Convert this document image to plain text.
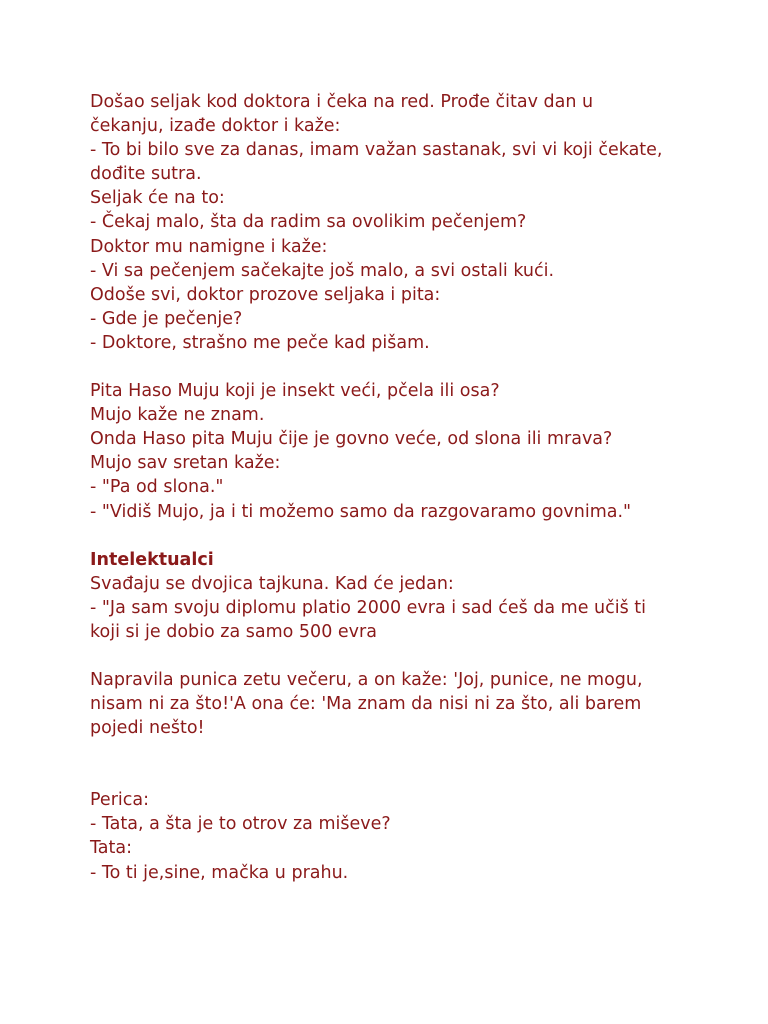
Došao seljak kod doktora i čeka na red. Prođe čitav dan u
čekanju, izađe doktor i kaže:
- To bi bilo sve za danas, imam važan sastanak, svi vi koji čekate,
dođite sutra.
Seljak će na to:
- Čekaj malo, šta da radim sa ovolikim pečenjem?
Doktor mu namigne i kaže:
- Vi sa pečenjem sačekajte još malo, a svi ostali kući.
Odoše svi, doktor prozove seljaka i pita:
- Gde je pečenje?
- Doktore, strašno me peče kad pišam.
Pita Haso Muju koji je insekt veći, pčela ili osa?
Mujo kaže ne znam.
Onda Haso pita Muju čije je govno veće, od slona ili mrava?
Mujo sav sretan kaže:
- "Pa od slona."
- "Vidiš Mujo, ja i ti možemo samo da razgovaramo govnima."
Intelektualci
Svađaju se dvojica tajkuna. Kad će jedan:
- "Ja sam svoju diplomu platio 2000 evra i sad ćeš da me učiš ti
koji si je dobio za samo 500 evra
Napravila punica zetu večeru, a on kaže: 'Joj, punice, ne mogu,
nisam ni za što!'A ona će: 'Ma znam da nisi ni za što, ali barem
pojedi nešto!
Perica:
- Tata, a šta je to otrov za miševe?
Tata:
- To ti je,sine, mačka u prahu.
